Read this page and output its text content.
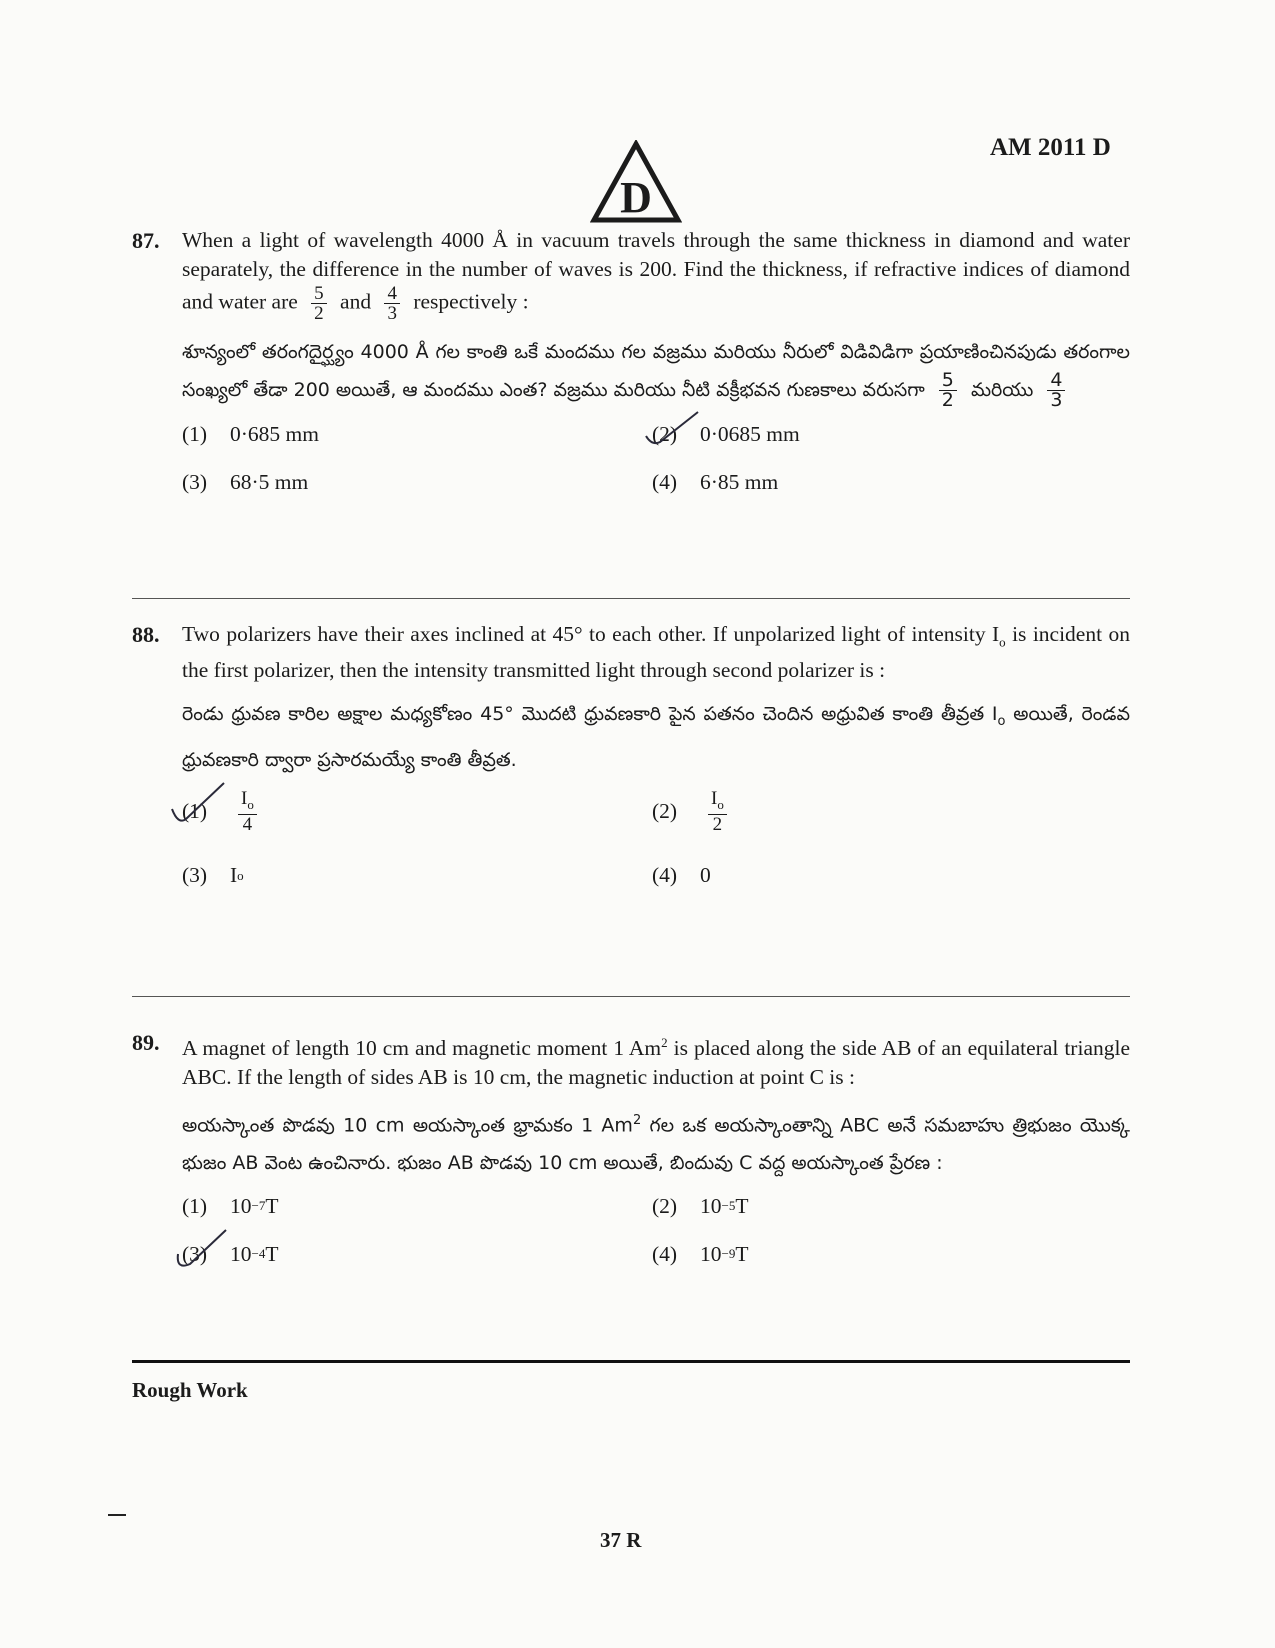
D
AM 2011 D
87.	When a light of wavelength 4000 Å in vacuum travels through the same thickness in diamond and water separately, the difference in the number of waves is 200. Find the thickness, if refractive indices of diamond and water are $\frac{5}{2}$ and $\frac{4}{3}$ respectively :
శూన్యంలో తరంగదైర్ఘ్యం 4000 Å గల కాంతి ఒకే మందము గల వజ్రము మరియు నీరులో విడివిడిగా ప్రయాణించినపుడు తరంగాల సంఖ్యలో తేడా 200 అయితే, ఆ మందము ఎంత? వజ్రము మరియు నీటి వక్రీభవన గుణకాలు వరుసగా $\frac{5}{2}$ మరియు $\frac{4}{3}$
(1)	0·685 mm	(2)	0·0685 mm
(3)	68·5 mm	(4)	6·85 mm
88.	Two polarizers have their axes inclined at 45° to each other. If unpolarized light of intensity $I_o$ is incident on the first polarizer, then the intensity transmitted light through second polarizer is :
రెండు ధ్రువణ కారిల అక్షాల మధ్యకోణం 45° మొదటి ధ్రువణకారి పైన పతనం చెందిన అధ్రువిత కాంతి తీవ్రత $I_o$ అయితే, రెండవ ధ్రువణకారి ద్వారా ప్రసారమయ్యే కాంతి తీవ్రత.
(1)	$\frac{I_o}{4}$	(2)	$\frac{I_o}{2}$
(3)	I o	(4)	0
89.	A magnet of length 10 cm and magnetic moment 1 Am$^2$ is placed along the side AB of an equilateral triangle ABC. If the length of sides AB is 10 cm, the magnetic induction at point C is :
అయస్కాంత పొడవు 10 cm అయస్కాంత భ్రామకం 1 Am$^2$ గల ఒక అయస్కాంతాన్ని ABC అనే సమబాహు త్రిభుజం యొక్క భుజం AB వెంట ఉంచినారు. భుజం AB పొడవు 10 cm అయితే, బిందువు C వద్ద అయస్కాంత ప్రేరణ :
(1)	10 −7 T	(2)	10 −5 T
(3)	10 −4 T	(4)	10 −9 T
Rough Work
37 R
